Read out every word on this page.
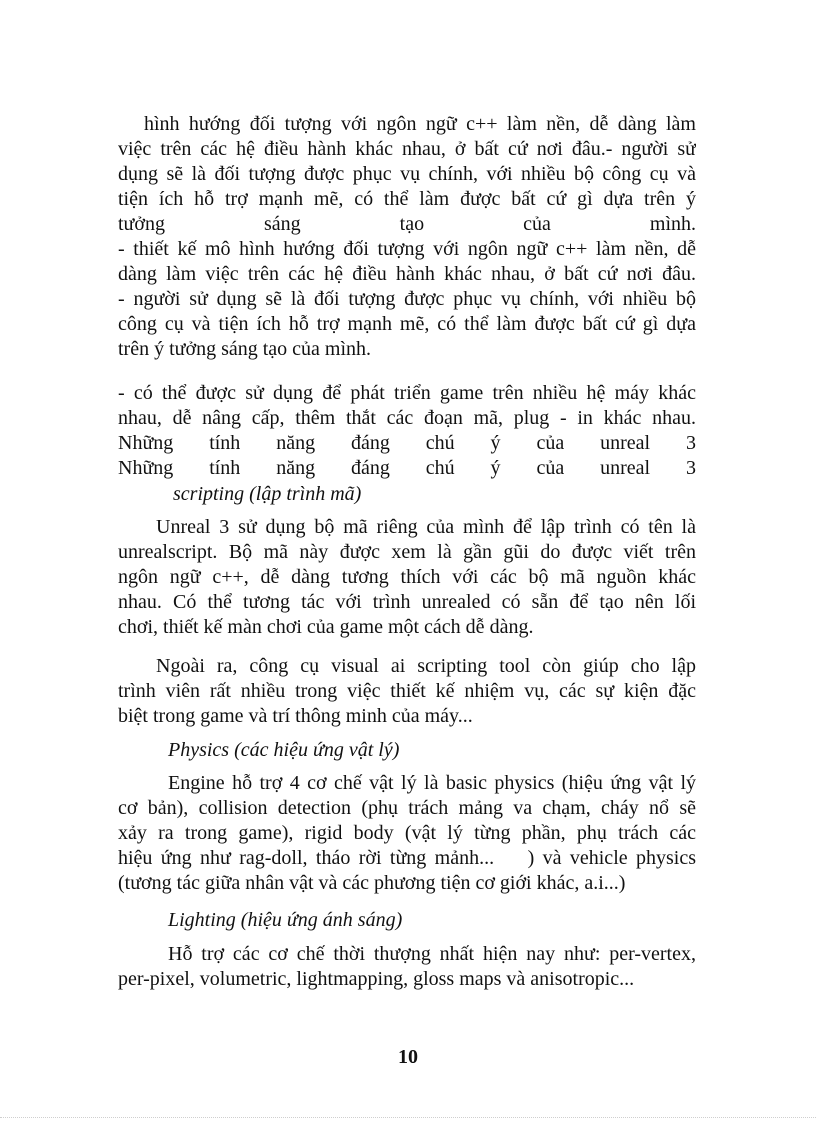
hình hướng đối tượng với ngôn ngữ c++ làm nền, dễ dàng làm
việc trên các hệ điều hành khác nhau, ở bất cứ nơi đâu.- người sử
dụng sẽ là đối tượng được phục vụ chính, với nhiều bộ công cụ và
tiện ích hỗ trợ mạnh mẽ, có thể làm được bất cứ gì dựa trên ý
tưởng sáng tạo của mình.
- thiết kế mô hình hướng đối tượng với ngôn ngữ c++ làm nền, dễ
dàng làm việc trên các hệ điều hành khác nhau, ở bất cứ nơi đâu.
- người sử dụng sẽ là đối tượng được phục vụ chính, với nhiều bộ
công cụ và tiện ích hỗ trợ mạnh mẽ, có thể làm được bất cứ gì dựa
trên ý tưởng sáng tạo của mình.
- có thể được sử dụng để phát triển game trên nhiều hệ máy khác
nhau, dễ nâng cấp, thêm thắt các đoạn mã, plug - in khác nhau.
Những tính năng đáng chú ý của unreal 3
Những tính năng đáng chú ý của unreal 3
scripting (lập trình mã)
Unreal 3 sử dụng bộ mã riêng của mình để lập trình có tên là
unrealscript. Bộ mã này được xem là gần gũi do được viết trên
ngôn ngữ c++, dễ dàng tương thích với các bộ mã nguồn khác
nhau. Có thể tương tác với trình unrealed có sẵn để tạo nên lối
chơi, thiết kế màn chơi của game một cách dễ dàng.
Ngoài ra, công cụ visual ai scripting tool còn giúp cho lập
trình viên rất nhiều trong việc thiết kế nhiệm vụ, các sự kiện đặc
biệt trong game và trí thông minh của máy...
Physics (các hiệu ứng vật lý)
Engine hỗ trợ 4 cơ chế vật lý là basic physics (hiệu ứng vật lý
cơ bản), collision detection (phụ trách mảng va chạm, cháy nổ sẽ
xảy ra trong game), rigid body (vật lý từng phần, phụ trách các
hiệu ứng như rag-doll, tháo rời từng mảnh...    ) và vehicle physics
(tương tác giữa nhân vật và các phương tiện cơ giới khác, a.i...)
Lighting (hiệu ứng ánh sáng)
Hỗ trợ các cơ chế thời thượng nhất hiện nay như: per-vertex,
per-pixel, volumetric, lightmapping, gloss maps và anisotropic...
10
